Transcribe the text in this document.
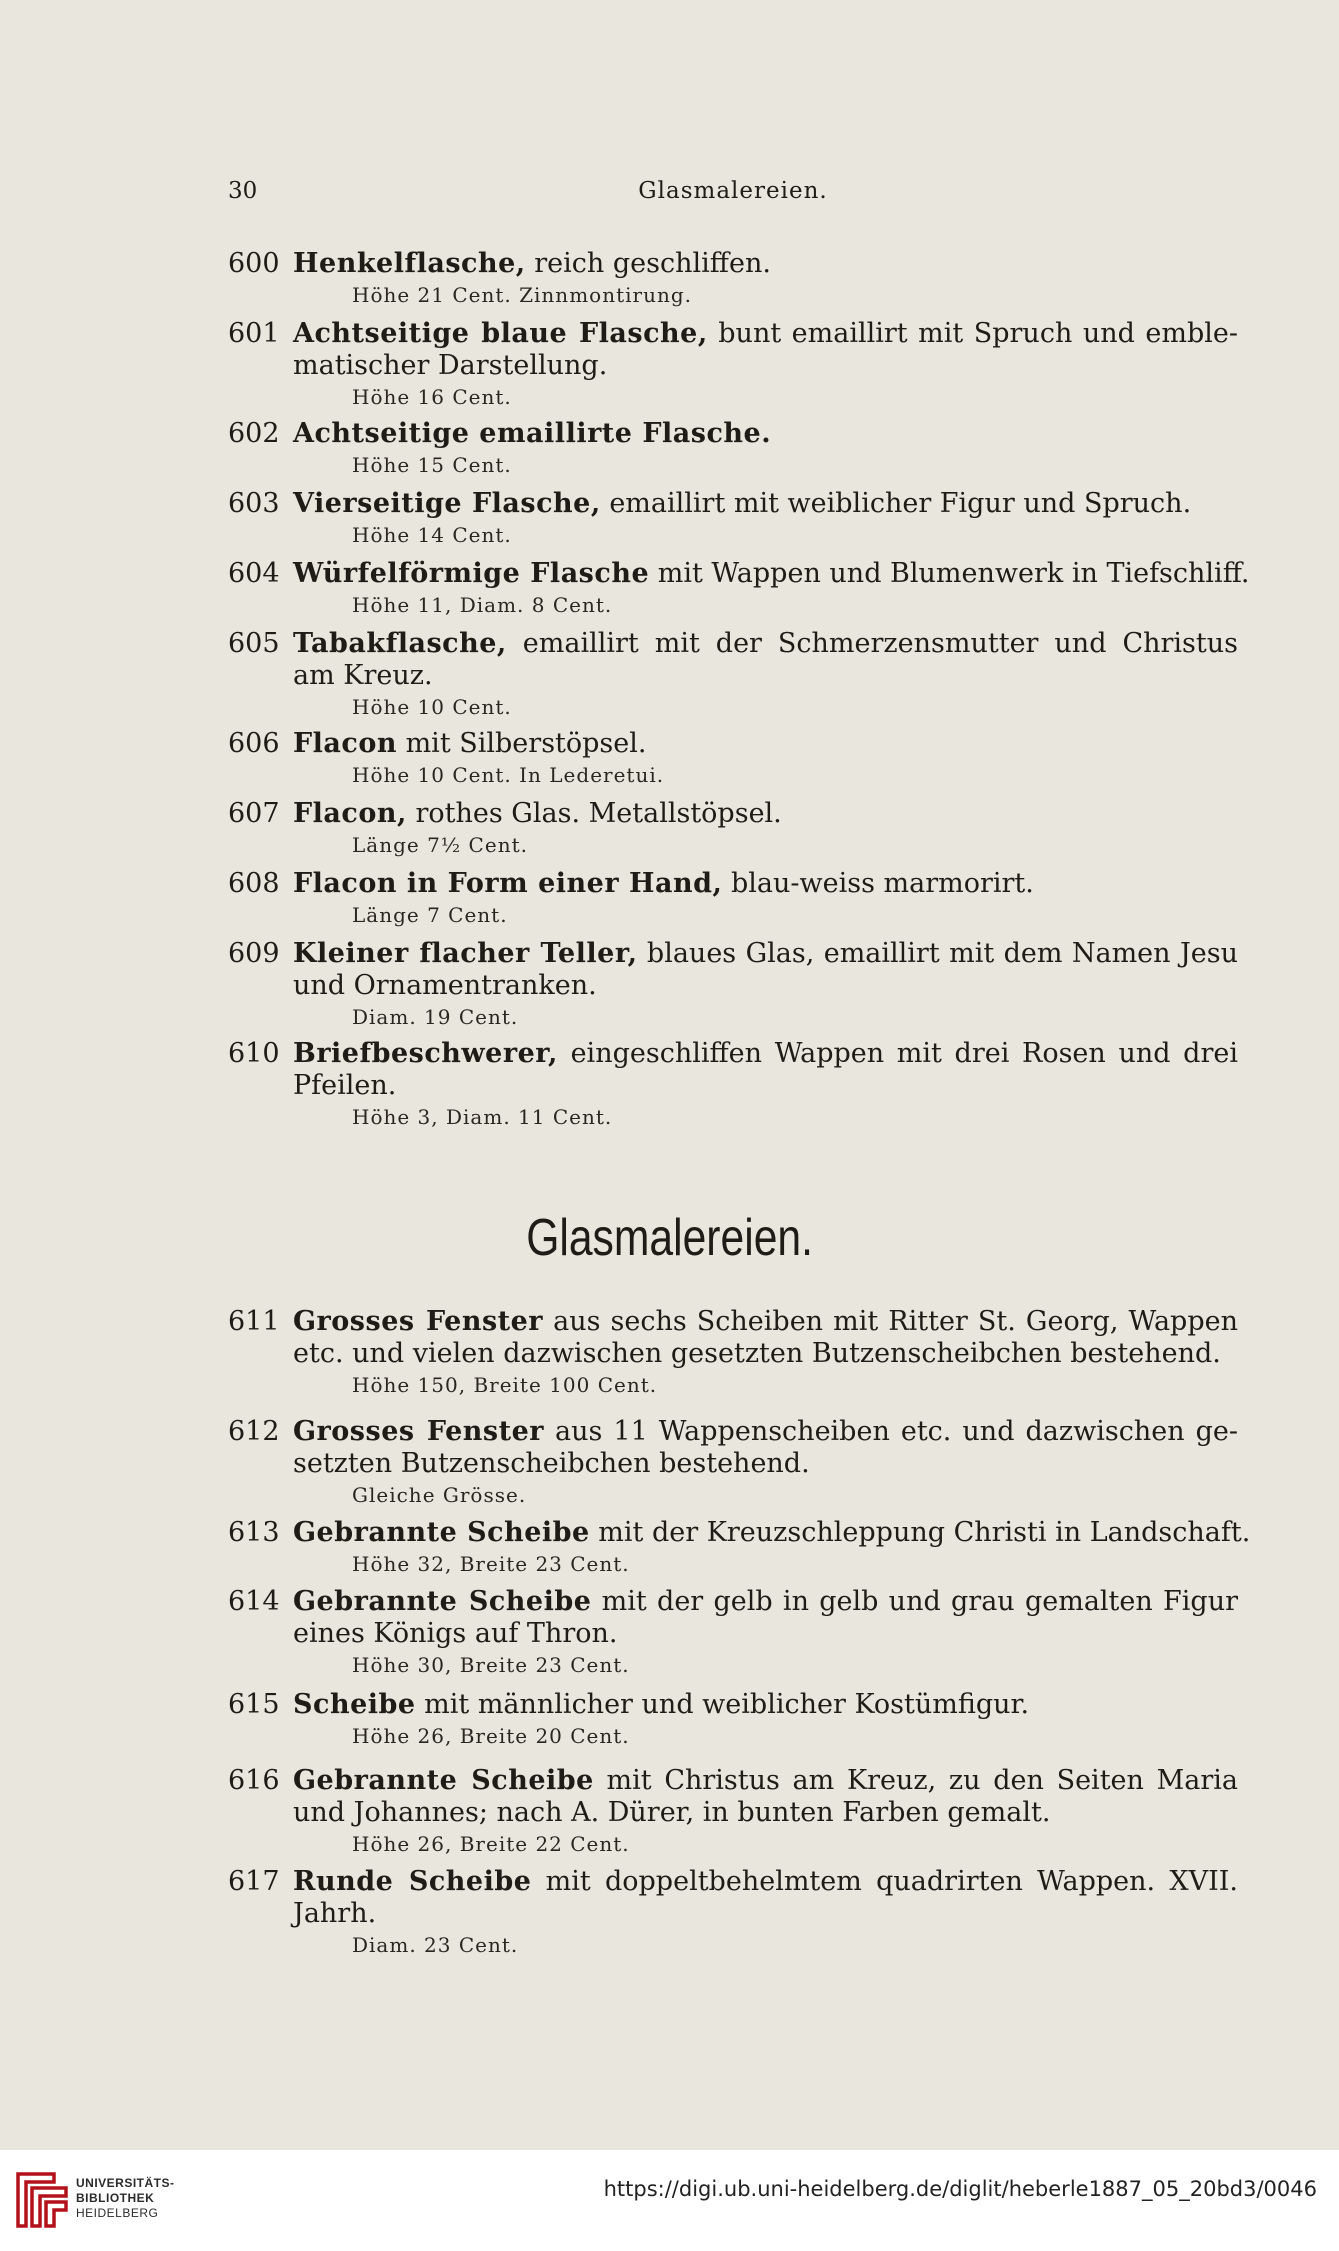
30	Glasmalereien.
600 Henkelflasche, reich geschliffen.
Höhe 21 Cent. Zinnmontirung.
601 Achtseitige blaue Flasche, bunt emaillirt mit Spruch und emble-
matischer Darstellung.
Höhe 16 Cent.
602 Achtseitige emaillirte Flasche.
Höhe 15 Cent.
603 Vierseitige Flasche, emaillirt mit weiblicher Figur und Spruch.
Höhe 14 Cent.
604 Würfelförmige Flasche mit Wappen und Blumenwerk in Tiefschliff.
Höhe 11, Diam. 8 Cent.
605 Tabakflasche, emaillirt mit der Schmerzensmutter und Christus
am Kreuz.
Höhe 10 Cent.
606 Flacon mit Silberstöpsel.
Höhe 10 Cent. In Lederetui.
607 Flacon, rothes Glas. Metallstöpsel.
Länge 7½ Cent.
608 Flacon in Form einer Hand, blau-weiss marmorirt.
Länge 7 Cent.
609 Kleiner flacher Teller, blaues Glas, emaillirt mit dem Namen Jesu
und Ornamentranken.
Diam. 19 Cent.
610 Briefbeschwerer, eingeschliffen Wappen mit drei Rosen und drei
Pfeilen.
Höhe 3, Diam. 11 Cent.
Glasmalereien.
611 Grosses Fenster aus sechs Scheiben mit Ritter St. Georg, Wappen
etc. und vielen dazwischen gesetzten Butzenscheibchen bestehend.
Höhe 150, Breite 100 Cent.
612 Grosses Fenster aus 11 Wappenscheiben etc. und dazwischen ge-
setzten Butzenscheibchen bestehend.
Gleiche Grösse.
613 Gebrannte Scheibe mit der Kreuzschleppung Christi in Landschaft.
Höhe 32, Breite 23 Cent.
614 Gebrannte Scheibe mit der gelb in gelb und grau gemalten Figur
eines Königs auf Thron.
Höhe 30, Breite 23 Cent.
615 Scheibe mit männlicher und weiblicher Kostümfigur.
Höhe 26, Breite 20 Cent.
616 Gebrannte Scheibe mit Christus am Kreuz, zu den Seiten Maria
und Johannes; nach A. Dürer, in bunten Farben gemalt.
Höhe 26, Breite 22 Cent.
617 Runde Scheibe mit doppeltbehelmtem quadrirten Wappen. XVII.
Jahrh.
Diam. 23 Cent.
UNIVERSITÄTS-
BIBLIOTHEK
HEIDELBERG
https://digi.ub.uni-heidelberg.de/diglit/heberle1887_05_20bd3/0046
